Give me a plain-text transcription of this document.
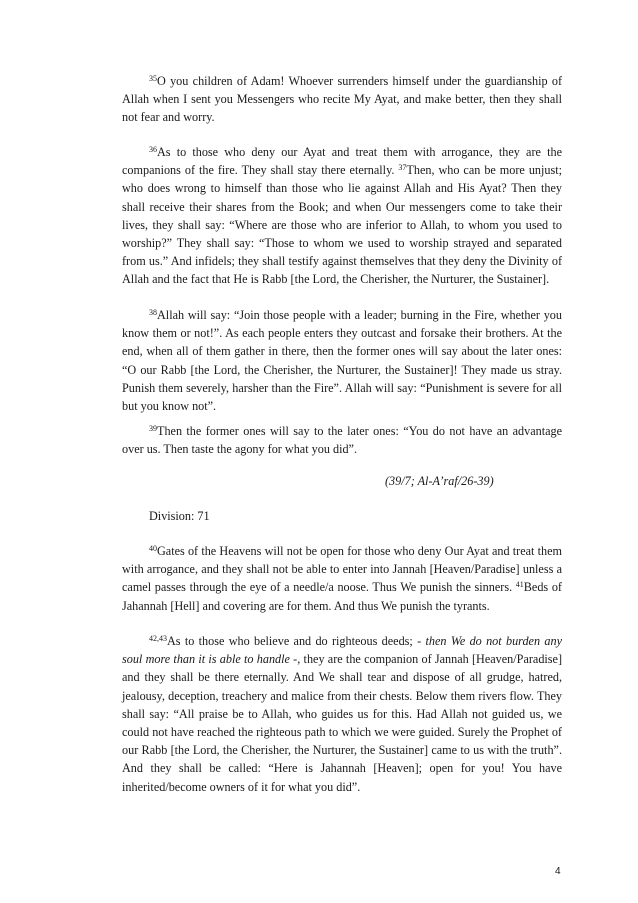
$^{35}$O you children of Adam! Whoever surrenders himself under the guardianship of Allah when I sent you Messengers who recite My Ayat, and make better, then they shall not fear and worry.

$^{36}$As to those who deny our Ayat and treat them with arrogance, they are the companions of the fire. They shall stay there eternally. $^{37}$Then, who can be more unjust; who does wrong to himself than those who lie against Allah and His Ayat? Then they shall receive their shares from the Book; and when Our messengers come to take their lives, they shall say: “Where are those who are inferior to Allah, to whom you used to worship?” They shall say: “Those to whom we used to worship strayed and separated from us.” And infidels; they shall testify against themselves that they deny the Divinity of Allah and the fact that He is Rabb [the Lord, the Cherisher, the Nurturer, the Sustainer].

$^{38}$Allah will say: “Join those people with a leader; burning in the Fire, whether you know them or not!”. As each people enters they outcast and forsake their brothers. At the end, when all of them gather in there, then the former ones will say about the later ones: “O our Rabb [the Lord, the Cherisher, the Nurturer, the Sustainer]! They made us stray. Punish them severely, harsher than the Fire”. Allah will say: “Punishment is severe for all but you know not”.

$^{39}$Then the former ones will say to the later ones: “You do not have an advantage over us. Then taste the agony for what you did”.

(39/7; Al-A’raf/26-39)
Division: 71

$^{40}$Gates of the Heavens will not be open for those who deny Our Ayat and treat them with arrogance, and they shall not be able to enter into Jannah [Heaven/Paradise] unless a camel passes through the eye of a needle/a noose. Thus We punish the sinners. $^{41}$Beds of Jahannah [Hell] and covering are for them. And thus We punish the tyrants.

$^{42,43}$As to those who believe and do righteous deeds; - then We do not burden any soul more than it is able to handle -, they are the companion of Jannah [Heaven/Paradise] and they shall be there eternally. And We shall tear and dispose of all grudge, hatred, jealousy, deception, treachery and malice from their chests. Below them rivers flow. They shall say: “All praise be to Allah, who guides us for this. Had Allah not guided us, we could not have reached the righteous path to which we were guided. Surely the Prophet of our Rabb [the Lord, the Cherisher, the Nurturer, the Sustainer] came to us with the truth”. And they shall be called: “Here is Jahannah [Heaven]; open for you! You have inherited/become owners of it for what you did”.

4
